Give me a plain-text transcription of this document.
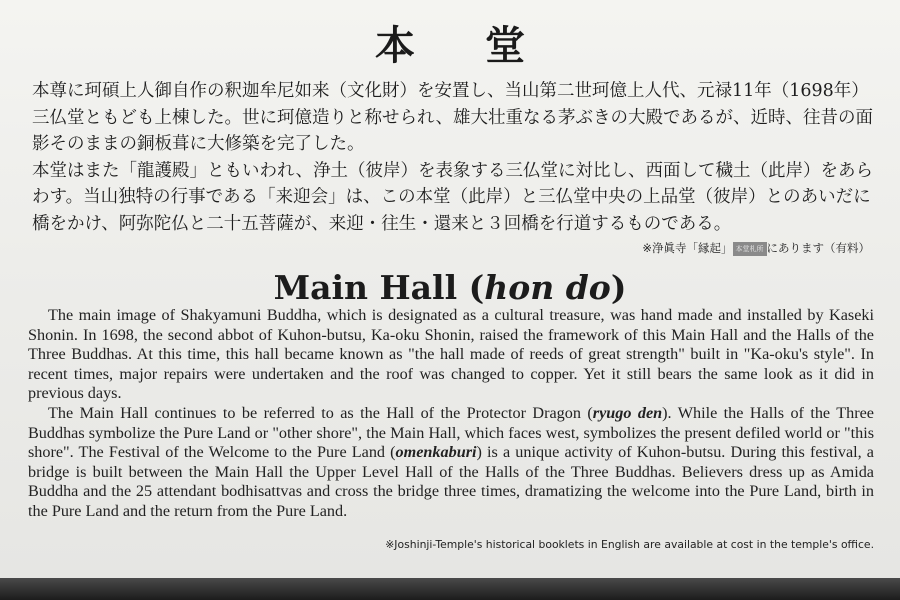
本堂

本尊に珂碩上人御自作の釈迦牟尼如来（文化財）を安置し、当山第二世珂億上人代、元禄11年（1698年）三仏堂ともども上棟した。世に珂億造りと称せられ、雄大壮重なる茅ぶきの大殿であるが、近時、往昔の面影そのままの銅板葺に大修築を完了した。

本堂はまた「龍護殿」ともいわれ、浄土（彼岸）を表象する三仏堂に対比し、西面して穢土（此岸）をあらわす。当山独特の行事である「来迎会」は、この本堂（此岸）と三仏堂中央の上品堂（彼岸）とのあいだに橋をかけ、阿弥陀仏と二十五菩薩が、来迎・往生・還来と３回橋を行道するものである。

※浄眞寺「縁起」 本堂札所 にあります（有料）
Main Hall (hon do)

The main image of Shakyamuni Buddha, which is designated as a cultural treasure, was hand made and installed by Kaseki Shonin. In 1698, the second abbot of Kuhon-butsu, Ka-oku Shonin, raised the framework of this Main Hall and the Halls of the Three Buddhas. At this time, this hall became known as "the hall made of reeds of great strength" built in "Ka-oku's style". In recent times, major repairs were undertaken and the roof was changed to copper. Yet it still bears the same look as it did in previous days.

The Main Hall continues to be referred to as the Hall of the Protector Dragon (ryugo den). While the Halls of the Three Buddhas symbolize the Pure Land or "other shore", the Main Hall, which faces west, symbolizes the present defiled world or "this shore". The Festival of the Welcome to the Pure Land (omenkaburi) is a unique activity of Kuhon-butsu. During this festival, a bridge is built between the Main Hall the Upper Level Hall of the Halls of the Three Buddhas. Believers dress up as Amida Buddha and the 25 attendant bodhisattvas and cross the bridge three times, dramatizing the welcome into the Pure Land, birth in the Pure Land and the return from the Pure Land.

※Joshinji-Temple's historical booklets in English are available at cost in the temple's office.
